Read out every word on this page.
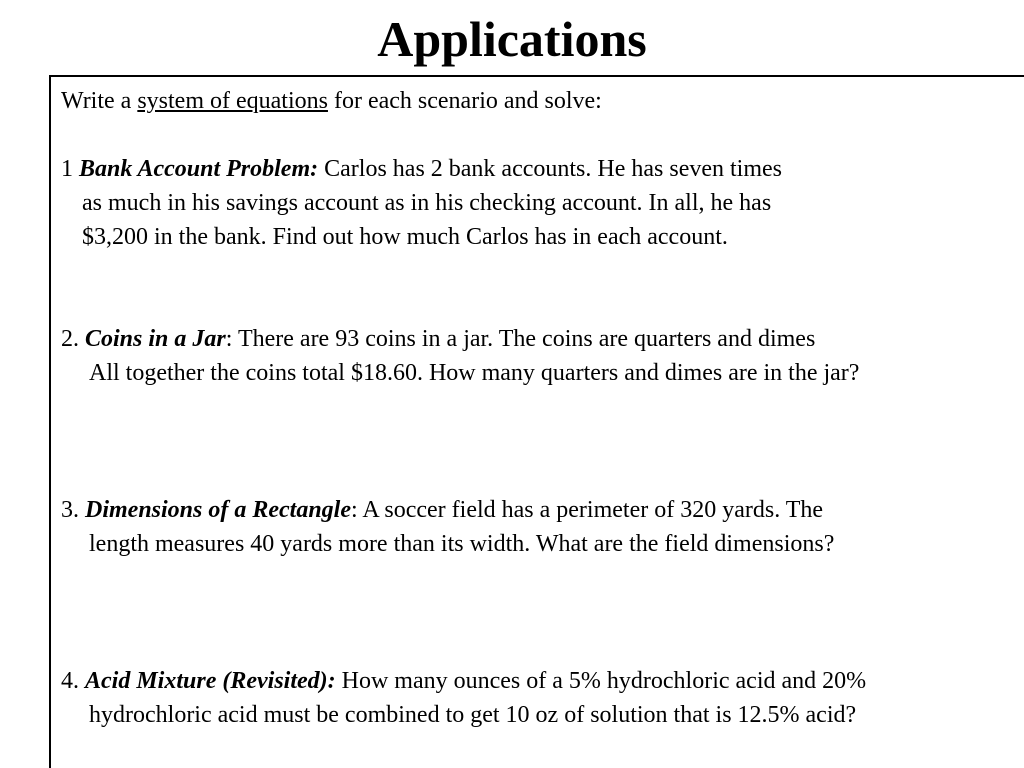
Applications
Write a system of equations for each scenario and solve:
1 Bank Account Problem: Carlos has 2 bank accounts. He has seven times
as much in his savings account as in his checking account. In all, he has
$3,200 in the bank. Find out how much Carlos has in each account.
2. Coins in a Jar: There are 93 coins in a jar. The coins are quarters and dimes
All together the coins total $18.60. How many quarters and dimes are in the jar?
3. Dimensions of a Rectangle: A soccer field has a perimeter of 320 yards. The
length measures 40 yards more than its width. What are the field dimensions?
4. Acid Mixture (Revisited): How many ounces of a 5% hydrochloric acid and 20%
hydrochloric acid must be combined to get 10 oz of solution that is 12.5% acid?
